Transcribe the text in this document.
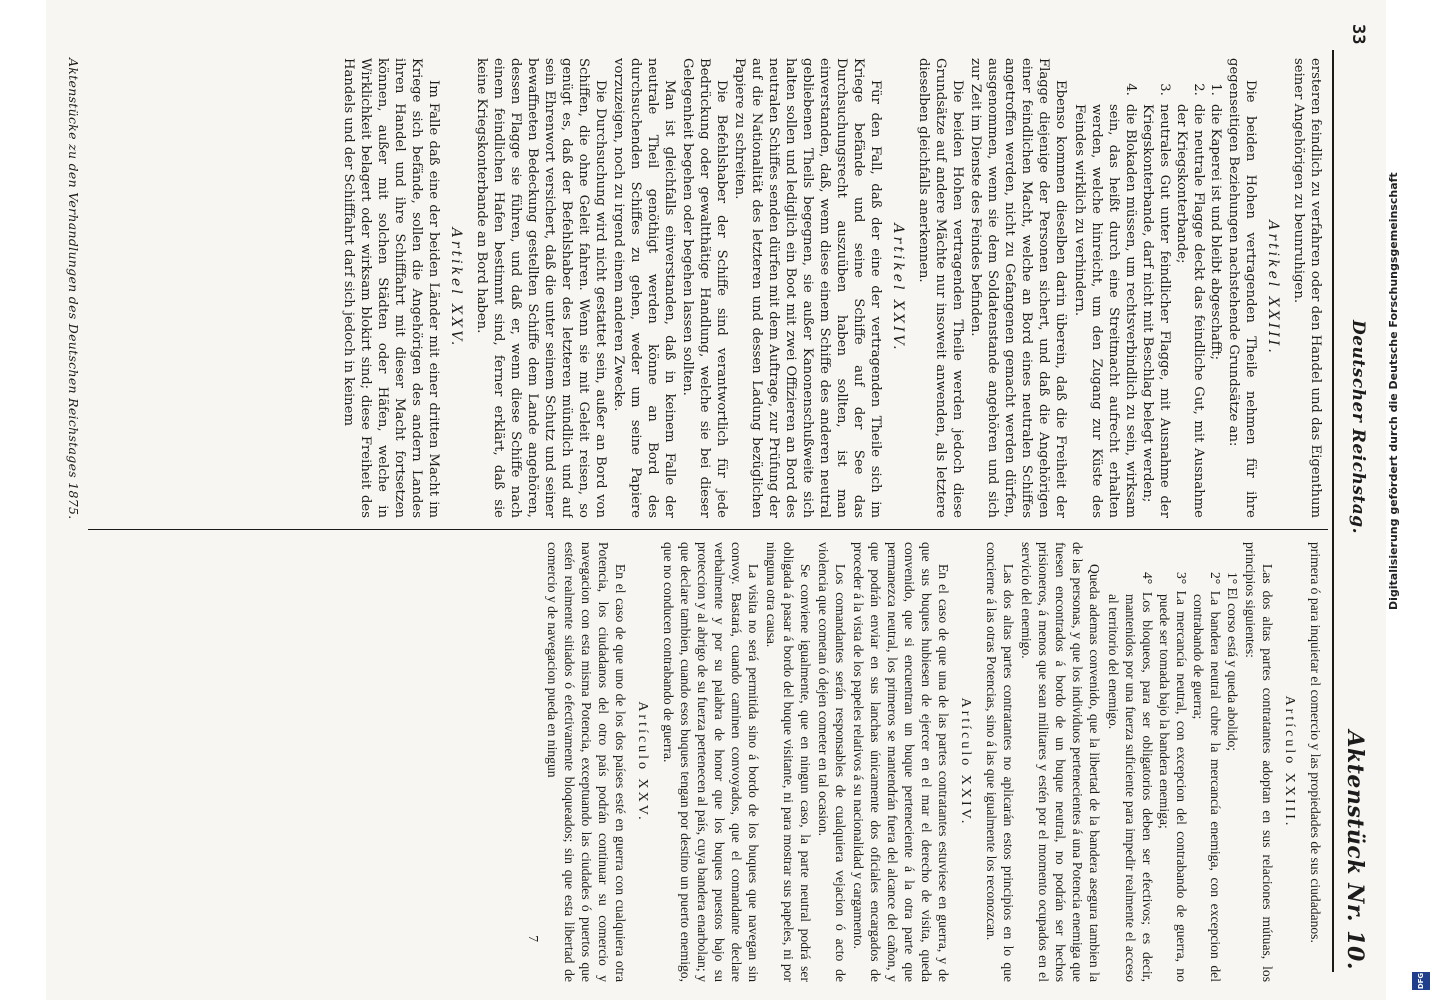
33
Deutscher Reichstag.
Aktenstück Nr. 10.

ersteren feindlich zu verfahren oder den Handel und das Eigenthum seiner Angehörigen zu beunruhigen.

Artikel XXIII.

Die beiden Hohen vertragenden Theile nehmen für ihre gegenseitigen Beziehungen nachstehende Grundsätze an:

1. die Kaperei ist und bleibt abgeschafft;
2. die neutrale Flagge deckt das feindliche Gut, mit Ausnahme der Kriegskonterbande;
3. neutrales Gut unter feindlicher Flagge, mit Ausnahme der Kriegskonterbande, darf nicht mit Beschlag belegt werden;
4. die Blokaden müssen, um rechtsverbindlich zu sein, wirksam sein, das heißt durch eine Streitmacht aufrecht erhalten werden, welche hinreicht, um den Zugang zur Küste des Feindes wirklich zu verhindern.

Ebenso kommen dieselben darin überein, daß die Freiheit der Flagge diejenige der Personen sichert, und daß die Angehörigen einer feindlichen Macht, welche an Bord eines neutralen Schiffes angetroffen werden, nicht zu Gefangenen gemacht werden dürfen, ausgenommen, wenn sie dem Soldatenstande angehören und sich zur Zeit im Dienste des Feindes befinden.

Die beiden Hohen vertragenden Theile werden jedoch diese Grundsätze auf andere Mächte nur insoweit anwenden, als letztere dieselben gleichfalls anerkennen.

Artikel XXIV.

Für den Fall, daß der eine der vertragenden Theile sich im Kriege befände und seine Schiffe auf der See das Durchsuchungsrecht auszuüben haben sollten, ist man einverstanden, daß, wenn diese einem Schiffe des anderen neutral gebliebenen Theils begegnen, sie außer Kanonenschußweite sich halten sollen und lediglich ein Boot mit zwei Offizieren an Bord des neutralen Schiffes senden dürfen mit dem Auftrage, zur Prüfung der auf die Nationalität des letzteren und dessen Ladung bezüglichen Papiere zu schreiten.

Die Befehlshaber der Schiffe sind verantwortlich für jede Bedrückung oder gewaltthätige Handlung, welche sie bei dieser Gelegenheit begehen oder begehen lassen sollten.

Man ist gleichfalls einverstanden, daß in keinem Falle der neutrale Theil genöthigt werden könne an Bord des durchsuchenden Schiffes zu gehen, weder um seine Papiere vorzuzeigen, noch zu irgend einem anderen Zwecke.

Die Durchsuchung wird nicht gestattet sein, außer an Bord von Schiffen, die ohne Geleit fahren. Wenn sie mit Geleit reisen, so genügt es, daß der Befehlshaber des letzteren mündlich und auf sein Ehrenwort versichert, daß die unter seinem Schutz und seiner bewaffneten Bedeckung gestellten Schiffe dem Lande angehören, dessen Flagge sie führen, und daß er, wenn diese Schiffe nach einem feindlichen Hafen bestimmt sind, ferner erklärt, daß sie keine Kriegskonterbande an Bord haben.

Artikel XXV.

Im Falle daß eine der beiden Länder mit einer dritten Macht im Kriege sich befände, sollen die Angehörigen des andern Landes ihren Handel und ihre Schifffahrt mit dieser Macht fortsetzen können, außer mit solchen Städten oder Häfen, welche in Wirklichkeit belagert oder wirksam blokirt sind; diese Freiheit des Handels und der Schifffahrt darf sich jedoch in keinem

primera ó para inquietar el comercio y las propiedades de sus ciudadanos.

Artículo XXIII.

Las dos altas partes contratantes adoptan en sus relaciones mútuas, los principios siguientes:

1° El corso está y queda abolido;
2° La bandera neutral cubre la mercancía enemiga, con excepcion del contrabando de guerra;
3° La mercancía neutral, con excepcion del contrabando de guerra, no puede ser tomada bajo la bandera enemiga;
4° Los bloqueos, para ser obligatorios deben ser efectivos; es decir, mantenidos por una fuerza suficiente para impedir realmente el acceso al territorio del enemigo.

Queda ademas convenido, que la libertad de la bandera asegura tambien la de las personas, y que los individuos pertenecientes á una Potencia enemiga que fuesen encontrados á bordo de un buque neutral, no podrán ser hechos prisioneros, á menos que sean militares y estén por el momento ocupados en el servicio del enemigo.

Las dos altas partes contratantes no aplicarán estos principios en lo que concierne á las otras Potencias, sino á las que igualmente los reconozcan.

Artículo XXIV.

En el caso de que una de las partes contratantes estuviese en guerra, y de que sus buques hubiesen de ejercer en el mar el derecho de visita, queda convenido, que si encuentran un buque perteneciente á la otra parte que permanezca neutral, los primeros se mantendrán fuera del alcance del cañon, y que podrán enviar en sus lanchas únicamente dos oficiales encargados de proceder á la vista de los papeles relativos á su nacionalidad y cargamento.

Los comandantes serán responsables de cualquiera vejacion ó acto de violencia que cometan ó dejen cometer en tal ocasion.

Se conviene igualmente, que en ningun caso, la parte neutral podrá ser obligada á pasar á bordo del buque visitante, ni para mostrar sus papeles, ni por ninguna otra causa.

La visita no será permitida sino á bordo de los buques que navegan sin convoy. Bastará, cuando caminen convoyados, que el comandante declare verbalmente y por su palabra de honor que los buques puestos bajo su proteccion y al abrigo de su fuerza pertenecen al país, cuya bandera enarbolan; y que declare tambien, cuando esos buques tengan por destino un puerto enemigo, que no conducen contrabando de guerra.

Artículo XXV.

En el caso de que uno de los dos países esté en guerra con cualquiera otra Potencia, los ciudadanos del otro país podrán continuar su comercio y navegacion con esta misma Potencia, exceptuando las ciudades ó puertos que estén realmente sitiados ó efectivamente bloqueados; sin que esta libertad de comercio y de navegacion pueda en ningun

7
Aktenstücke zu den Verhandlungen des Deutschen Reichstages 1875.	Digitalisierung gefördert durch die Deutsche Forschungsgemeinschaft
DFG
